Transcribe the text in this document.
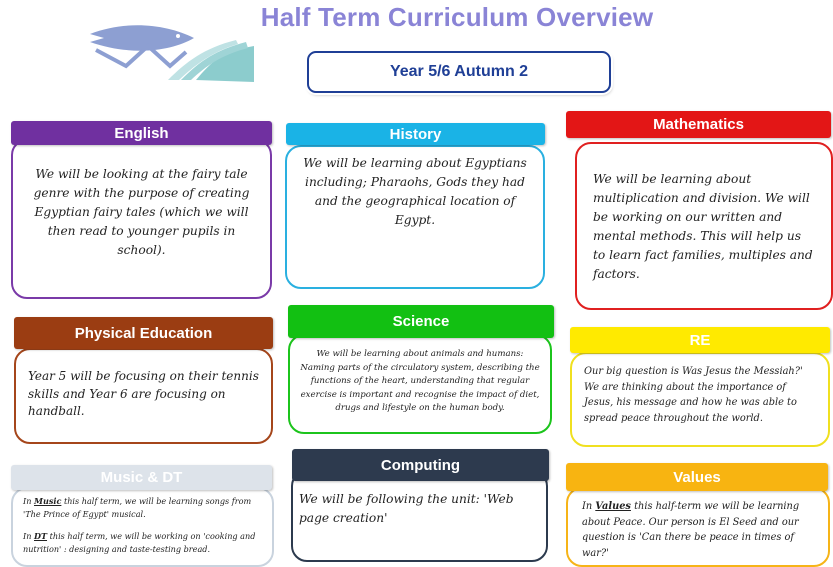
Half Term Curriculum Overview
Year 5/6 Autumn 2

We will be looking at the fairy tale genre with the purpose of creating Egyptian fairy tales (which we will then read to younger pupils in school).

English

We will be learning about Egyptians including; Pharaohs, Gods they had and the geographical location of Egypt.

History

We will be learning about multiplication and division. We will be working on our written and mental methods. This will help us to learn fact families, multiples and factors.

Mathematics

Year 5 will be focusing on their tennis skills and Year 6 are focusing on handball.

Physical Education

We will be learning about animals and humans: Naming parts of the circulatory system, describing the functions of the heart, understanding that regular exercise is important and recognise the impact of diet, drugs and lifestyle on the human body.

Science

Our big question is Was Jesus the Messiah?' We are thinking about the importance of Jesus, his message and how he was able to spread peace throughout the world.

RE

In Music this half term, we will be learning songs from 'The Prince of Egypt' musical.

In DT this half term, we will be working on 'cooking and nutrition' : designing and taste-testing bread.

Music & DT

We will be following the unit: 'Web page creation'

Computing

In Values this half-term we will be learning about Peace. Our person is El Seed and our question is 'Can there be peace in times of war?'

Values
